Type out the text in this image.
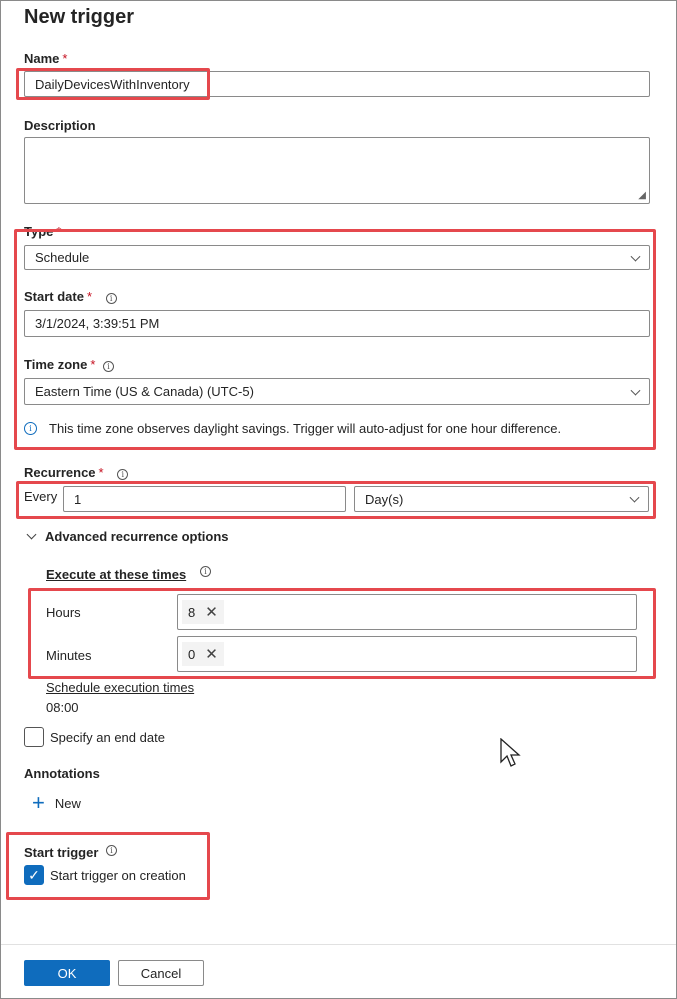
New trigger
Name *
DailyDevicesWithInventory
Description
◢
Type *
Schedule
Start date * i
3/1/2024, 3:39:51 PM
Time zone * i
Eastern Time (US & Canada) (UTC-5)
i	This time zone observes daylight savings. Trigger will auto-adjust for one hour difference.
Recurrence * i
Every 1	Day(s)
Advanced recurrence options
Execute at these times	i
Hours	8 ✕
Minutes	0 ✕
Schedule execution times
08:00
Specify an end date
Annotations
+ New
Start trigger i
✓ Start trigger on creation
OK	Cancel
